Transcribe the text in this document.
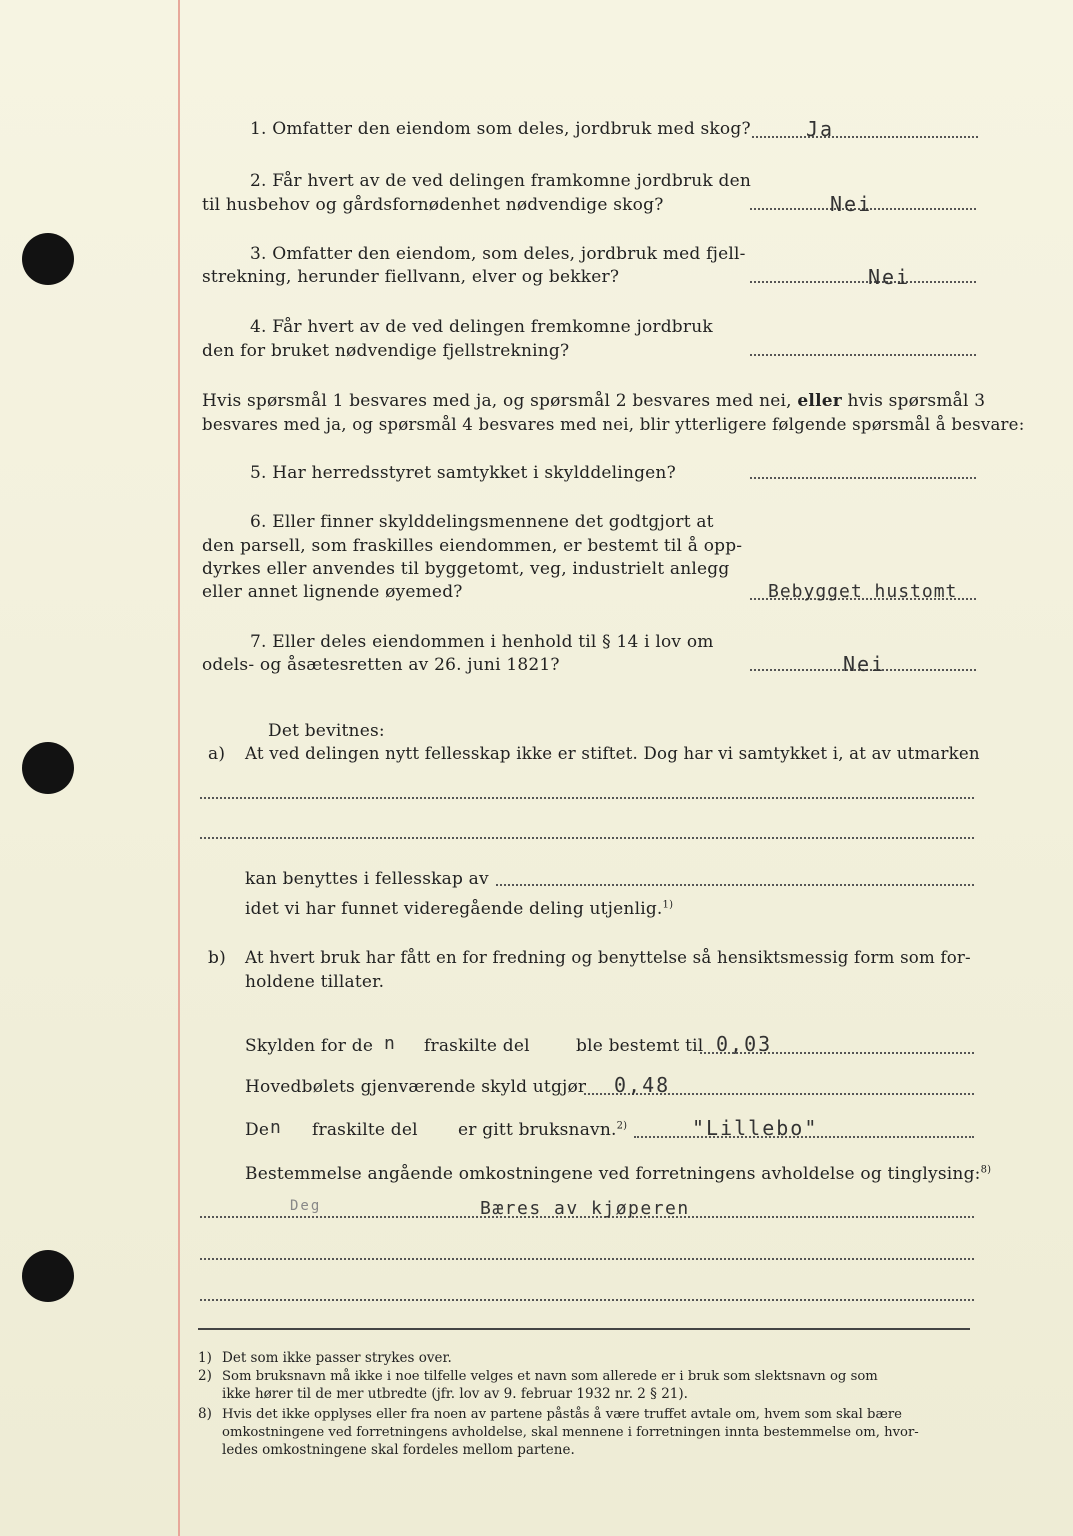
1. Omfatter den eiendom som deles, jordbruk med skog?	Ja
2. Får hvert av de ved delingen framkomne jordbruk den
til husbehov og gårdsfornødenhet nødvendige skog?	Nei
3. Omfatter den eiendom, som deles, jordbruk med fjell-
strekning, herunder fiellvann, elver og bekker?	Nei
4. Får hvert av de ved delingen fremkomne jordbruk
den for bruket nødvendige fjellstrekning?
Hvis spørsmål 1 besvares med ja, og spørsmål 2 besvares med nei, eller hvis spørsmål 3
besvares med ja, og spørsmål 4 besvares med nei, blir ytterligere følgende spørsmål å besvare:
5. Har herredsstyret samtykket i skylddelingen?
6. Eller finner skylddelingsmennene det godtgjort at
den parsell, som fraskilles eiendommen, er bestemt til å opp-
dyrkes eller anvendes til byggetomt, veg, industrielt anlegg
eller annet lignende øyemed?	Bebygget hustomt
7. Eller deles eiendommen i henhold til § 14 i lov om
odels- og åsætesretten av 26. juni 1821?	Nei
Det bevitnes:
a) At ved delingen nytt fellesskap ikke er stiftet. Dog har vi samtykket i, at av utmarken
kan benyttes i fellesskap av
idet vi har funnet videregående deling utjenlig.$^{1)}$
b) At hvert bruk har fått en for fredning og benyttelse så hensiktsmessig form som for-
holdene tillater.
Skylden for de n fraskilte del	ble bestemt til 0,03
Hovedbølets gjenværende skyld utgjør 0,48
De n fraskilte del er gitt bruksnavn.$^{2)}$	"Lillebo"
Bestemmelse angående omkostningene ved forretningens avholdelse og tinglysing:$^{8)}$
Deg	Bæres av kjøperen
1) Det som ikke passer strykes over.
2) Som bruksnavn må ikke i noe tilfelle velges et navn som allerede er i bruk som slektsnavn og som
ikke hører til de mer utbredte (jfr. lov av 9. februar 1932 nr. 2 § 21).
8) Hvis det ikke opplyses eller fra noen av partene påstås å være truffet avtale om, hvem som skal bære
omkostningene ved forretningens avholdelse, skal mennene i forretningen innta bestemmelse om, hvor-
ledes omkostningene skal fordeles mellom partene.
